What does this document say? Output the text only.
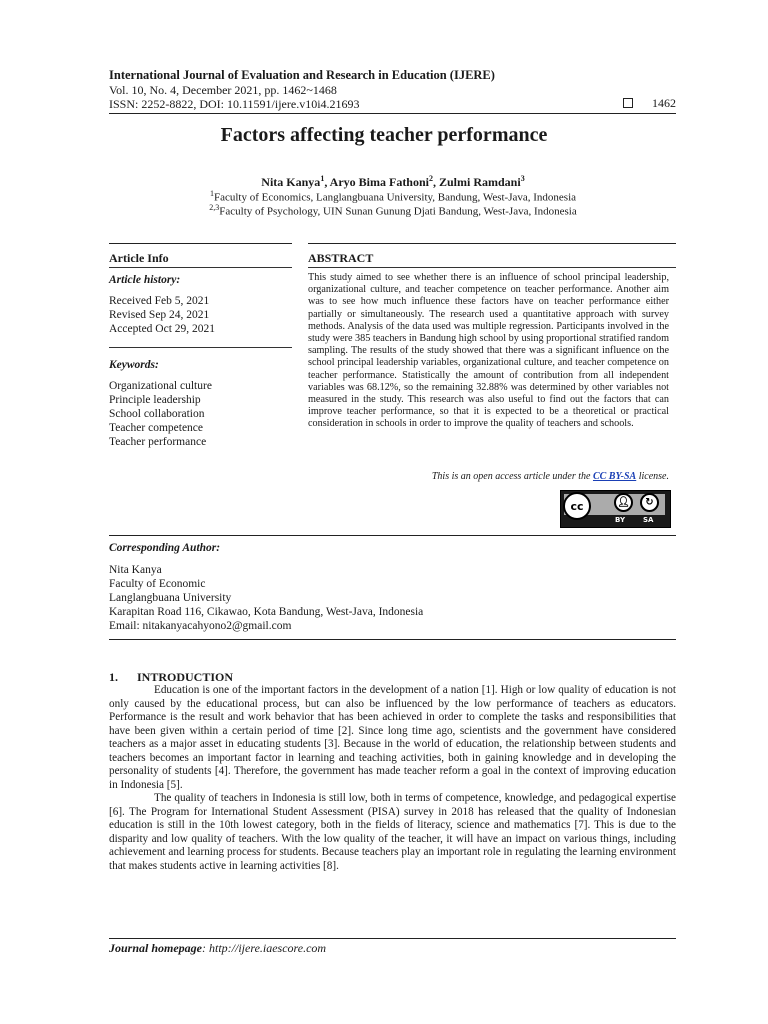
International Journal of Evaluation and Research in Education (IJERE)
Vol. 10, No. 4, December 2021, pp. 1462~1468
ISSN: 2252-8822, DOI: 10.11591/ijere.v10i4.21693	1462
Factors affecting teacher performance
Nita Kanya$^1$, Aryo Bima Fathoni$^2$, Zulmi Ramdani$^3$
$^1$Faculty of Economics, Langlangbuana University, Bandung, West-Java, Indonesia
$^{2,3}$Faculty of Psychology, UIN Sunan Gunung Djati Bandung, West-Java, Indonesia
Article Info
Article history:
Received Feb 5, 2021
Revised Sep 24, 2021
Accepted Oct 29, 2021
Keywords:
Organizational culture
Principle leadership
School collaboration
Teacher competence
Teacher performance
ABSTRACT
This study aimed to see whether there is an influence of school principal leadership, organizational culture, and teacher competence on teacher performance. Another aim was to see how much influence these factors have on teacher performance either partially or simultaneously. The research used a quantitative approach with survey methods. Analysis of the data used was multiple regression. Participants involved in the study were 385 teachers in Bandung high school by using proportional stratified random sampling. The results of the study showed that there was a significant influence on the school principal leadership variables, organizational culture, and teacher competence on teacher performance. Statistically the amount of contribution from all independent variables was 68.12%, so the remaining 32.88% was determined by other variables not measured in the study. This research was also useful to find out the factors that can improve teacher performance, so that it is expected to be a theoretical or practical consideration in schools in order to improve the quality of teachers and schools.
This is an open access article under the CC BY-SA license.
cc	👤︎	↻
BY	SA
Corresponding Author:
Nita Kanya
Faculty of Economic
Langlangbuana University
Karapitan Road 116, Cikawao, Kota Bandung, West-Java, Indonesia
Email: nitakanyacahyono2@gmail.com
1. INTRODUCTION

Education is one of the important factors in the development of a nation [1]. High or low quality of education is not only caused by the educational process, but can also be influenced by the low performance of teachers as educators. Performance is the result and work behavior that has been achieved in order to complete the tasks and responsibilities that have been given within a certain period of time [2]. Since long time ago, scientists and the government have considered teachers as a major asset in educating students [3]. Because in the world of education, the relationship between students and teachers becomes an important factor in learning and teaching activities, both in gaining knowledge and in developing the personality of students [4]. Therefore, the government has made teacher reform a goal in the context of improving education in Indonesia [5].

The quality of teachers in Indonesia is still low, both in terms of competence, knowledge, and pedagogical expertise [6]. The Program for International Student Assessment (PISA) survey in 2018 has released that the quality of Indonesian education is still in the 10th lowest category, both in the fields of literacy, science and mathematics [7]. This is due to the disparity and low quality of teachers. With the low quality of the teacher, it will have an impact on various things, including achievement and learning process for students. Because teachers play an important role in regulating the learning environment that makes students active in learning activities [8].

Journal homepage: http://ijere.iaescore.com
